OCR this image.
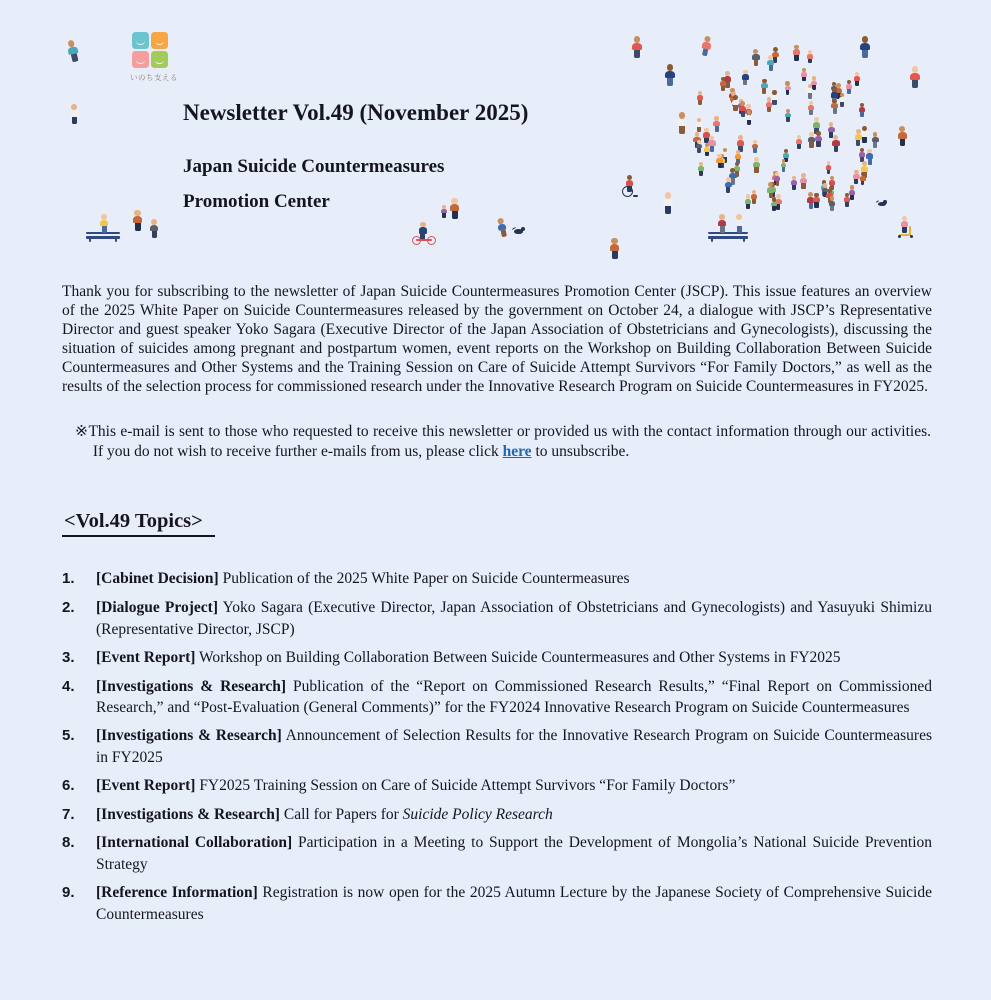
いのち支える
Newsletter Vol.49 (November 2025)
Japan Suicide Countermeasures
Promotion Center

Thank you for subscribing to the newsletter of Japan Suicide Countermeasures Promotion Center (JSCP). This issue features an overview of the 2025 White Paper on Suicide Countermeasures released by the government on October 24, a dialogue with JSCP’s Representative Director and guest speaker Yoko Sagara (Executive Director of the Japan Association of Obstetricians and Gynecologists), discussing the situation of suicides among pregnant and postpartum women, event reports on the Workshop on Building Collaboration Between Suicide Countermeasures and Other Systems and the Training Session on Care of Suicide Attempt Survivors “For Family Doctors,” as well as the results of the selection process for commissioned research under the Innovative Research Program on Suicide Countermeasures in FY2025.

※This e-mail is sent to those who requested to receive this newsletter or provided us with the contact information through our activities. If you do not wish to receive further e-mails from us, please click here to unsubscribe.

<Vol.49 Topics>
1.	[Cabinet Decision] Publication of the 2025 White Paper on Suicide Countermeasures
2.	[Dialogue Project] Yoko Sagara (Executive Director, Japan Association of Obstetricians and Gynecologists) and Yasuyuki Shimizu (Representative Director, JSCP)
3.	[Event Report] Workshop on Building Collaboration Between Suicide Countermeasures and Other Systems in FY2025
4.	[Investigations & Research] Publication of the “Report on Commissioned Research Results,” “Final Report on Commissioned Research,” and “Post-Evaluation (General Comments)” for the FY2024 Innovative Research Program on Suicide Countermeasures
5.	[Investigations & Research] Announcement of Selection Results for the Innovative Research Program on Suicide Countermeasures in FY2025
6.	[Event Report] FY2025 Training Session on Care of Suicide Attempt Survivors “For Family Doctors”
7.	[Investigations & Research] Call for Papers for Suicide Policy Research
8.	[International Collaboration] Participation in a Meeting to Support the Development of Mongolia’s National Suicide Prevention Strategy
9.	[Reference Information] Registration is now open for the 2025 Autumn Lecture by the Japanese Society of Comprehensive Suicide Countermeasures
